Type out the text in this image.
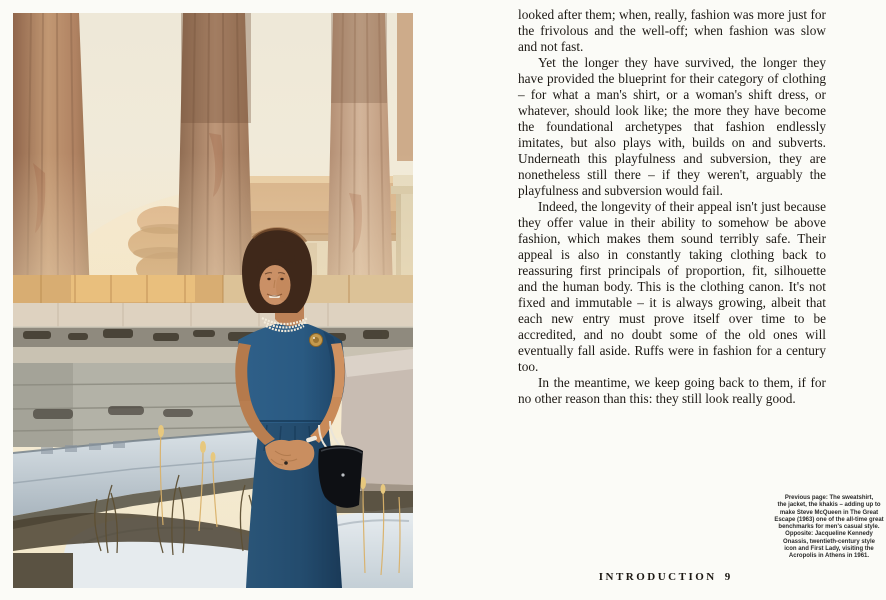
looked after them; when, really, fashion was more just for the frivolous and the well-off; when fashion was slow and not fast.

Yet the longer they have survived, the longer they have provided the blueprint for their category of clothing – for what a man's shirt, or a woman's shift dress, or whatever, should look like; the more they have become the foundational archetypes that fashion endlessly imitates, but also plays with, builds on and subverts. Underneath this playfulness and subversion, they are nonetheless still there – if they weren't, arguably the playfulness and subversion would fail.

Indeed, the longevity of their appeal isn't just because they offer value in their ability to somehow be above fashion, which makes them sound terribly safe. Their appeal is also in constantly taking clothing back to reassuring first principals of proportion, fit, silhouette and the human body. This is the clothing canon. It's not fixed and immutable – it is always growing, albeit that each new entry must prove itself over time to be accredited, and no doubt some of the old ones will eventually fall aside. Ruffs were in fashion for a century too.

In the meantime, we keep going back to them, if for no other reason than this: they still look really good.

Previous page: The sweatshirt,
the jacket, the khakis – adding up to
make Steve McQueen in The Great
Escape (1963) one of the all-time great
benchmarks for men's casual style.
Opposite: Jacqueline Kennedy
Onassis, twentieth-century style
icon and First Lady, visiting the
Acropolis in Athens in 1961.
INTRODUCTION 9
